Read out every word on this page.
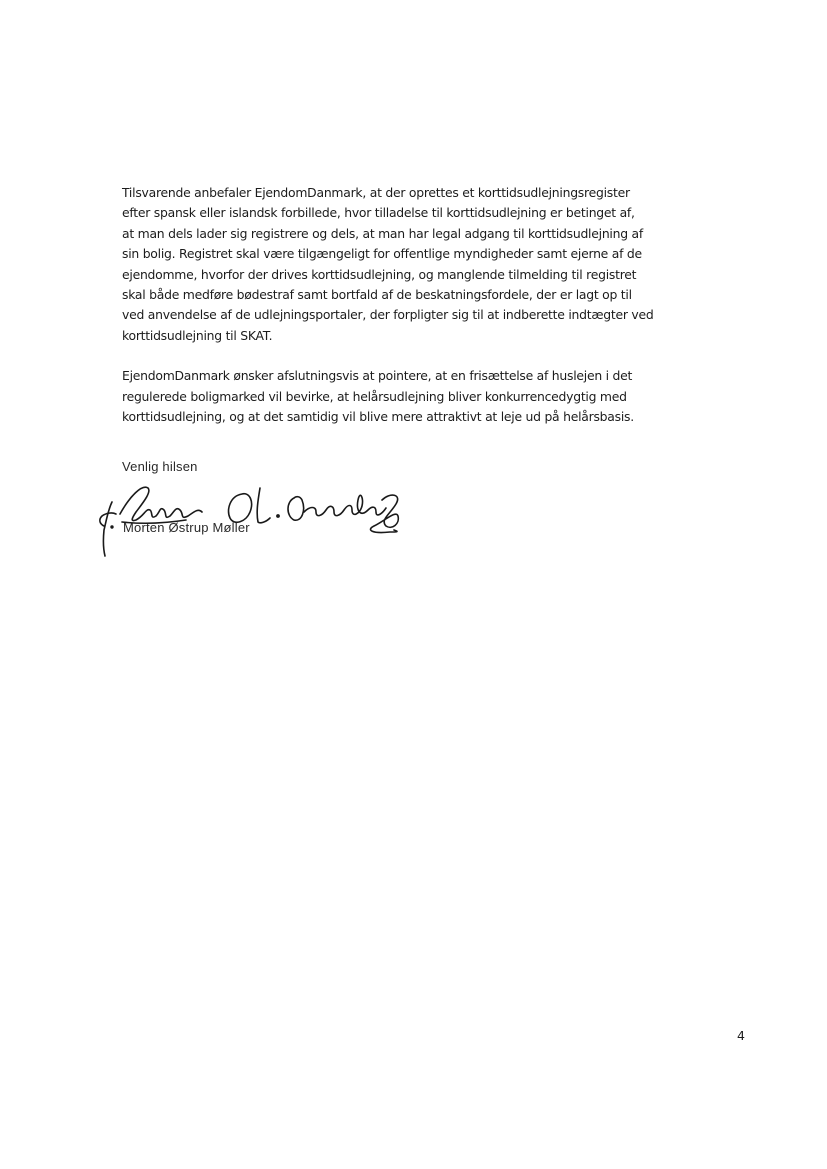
Tilsvarende anbefaler EjendomDanmark, at der oprettes et korttidsudlejningsregister
efter spansk eller islandsk forbillede, hvor tilladelse til korttidsudlejning er betinget af,
at man dels lader sig registrere og dels, at man har legal adgang til korttidsudlejning af
sin bolig. Registret skal være tilgængeligt for offentlige myndigheder samt ejerne af de
ejendomme, hvorfor der drives korttidsudlejning, og manglende tilmelding til registret
skal både medføre bødestraf samt bortfald af de beskatningsfordele, der er lagt op til
ved anvendelse af de udlejningsportaler, der forpligter sig til at indberette indtægter ved
korttidsudlejning til SKAT.

EjendomDanmark ønsker afslutningsvis at pointere, at en frisættelse af huslejen i det
regulerede boligmarked vil bevirke, at helårsudlejning bliver konkurrencedygtig med
korttidsudlejning, og at det samtidig vil blive mere attraktivt at leje ud på helårsbasis.

Venlig hilsen
Morten Østrup Møller
4
